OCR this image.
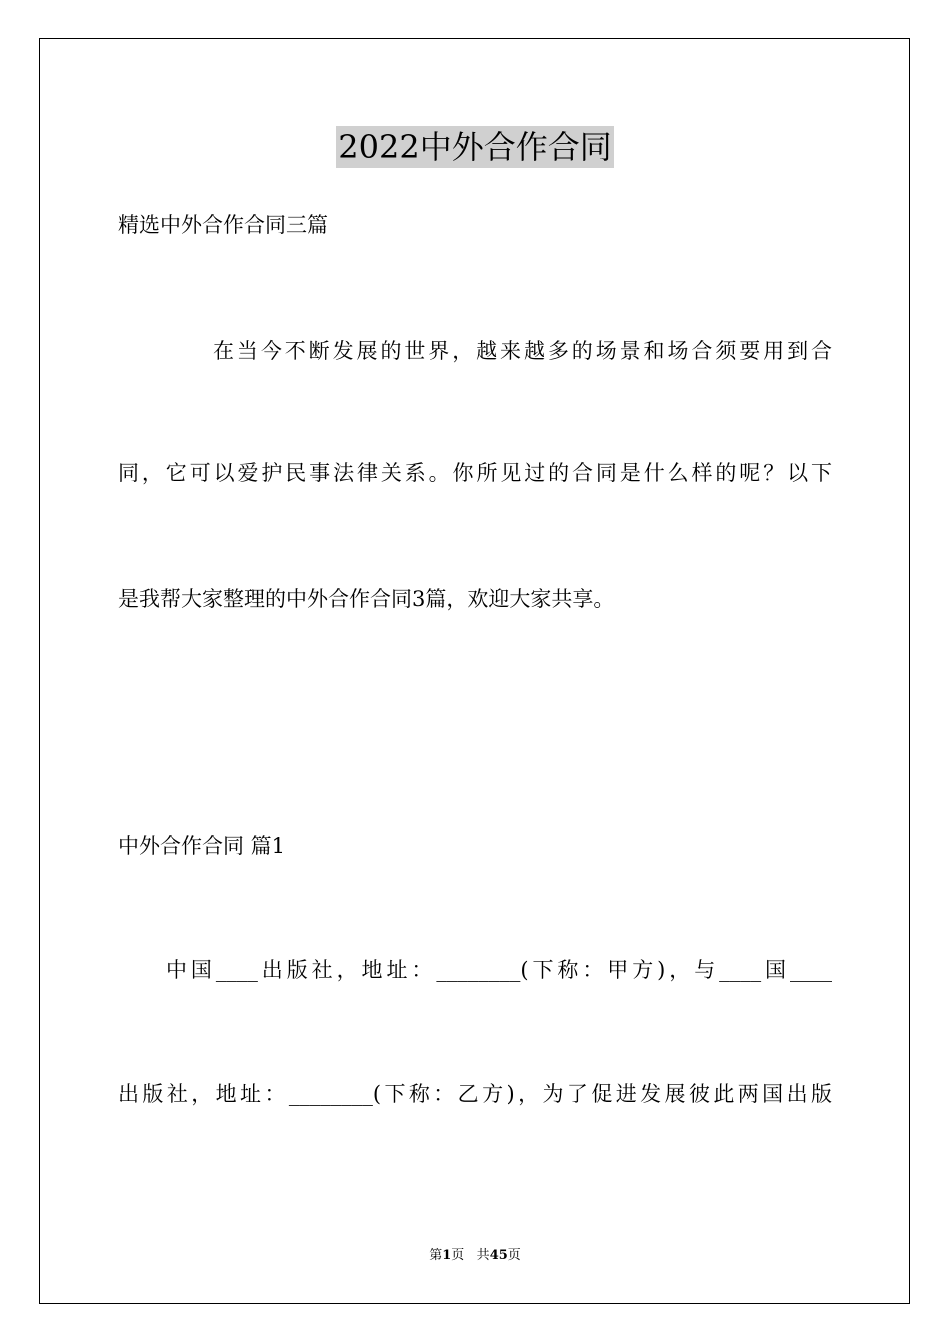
2022中外合作合同
精选中外合作合同三篇
在当今不断发展的世界，越来越多的场景和场合须要用到合
同，它可以爱护民事法律关系。你所见过的合同是什么样的呢？以下
是我帮大家整理的中外合作合同3篇，欢迎大家共享。
中外合作合同 篇1
中国____出版社，地址：________(下称：甲方)，与____国____
出版社，地址：________(下称：乙方)，为了促进发展彼此两国出版
第1页 共45页
